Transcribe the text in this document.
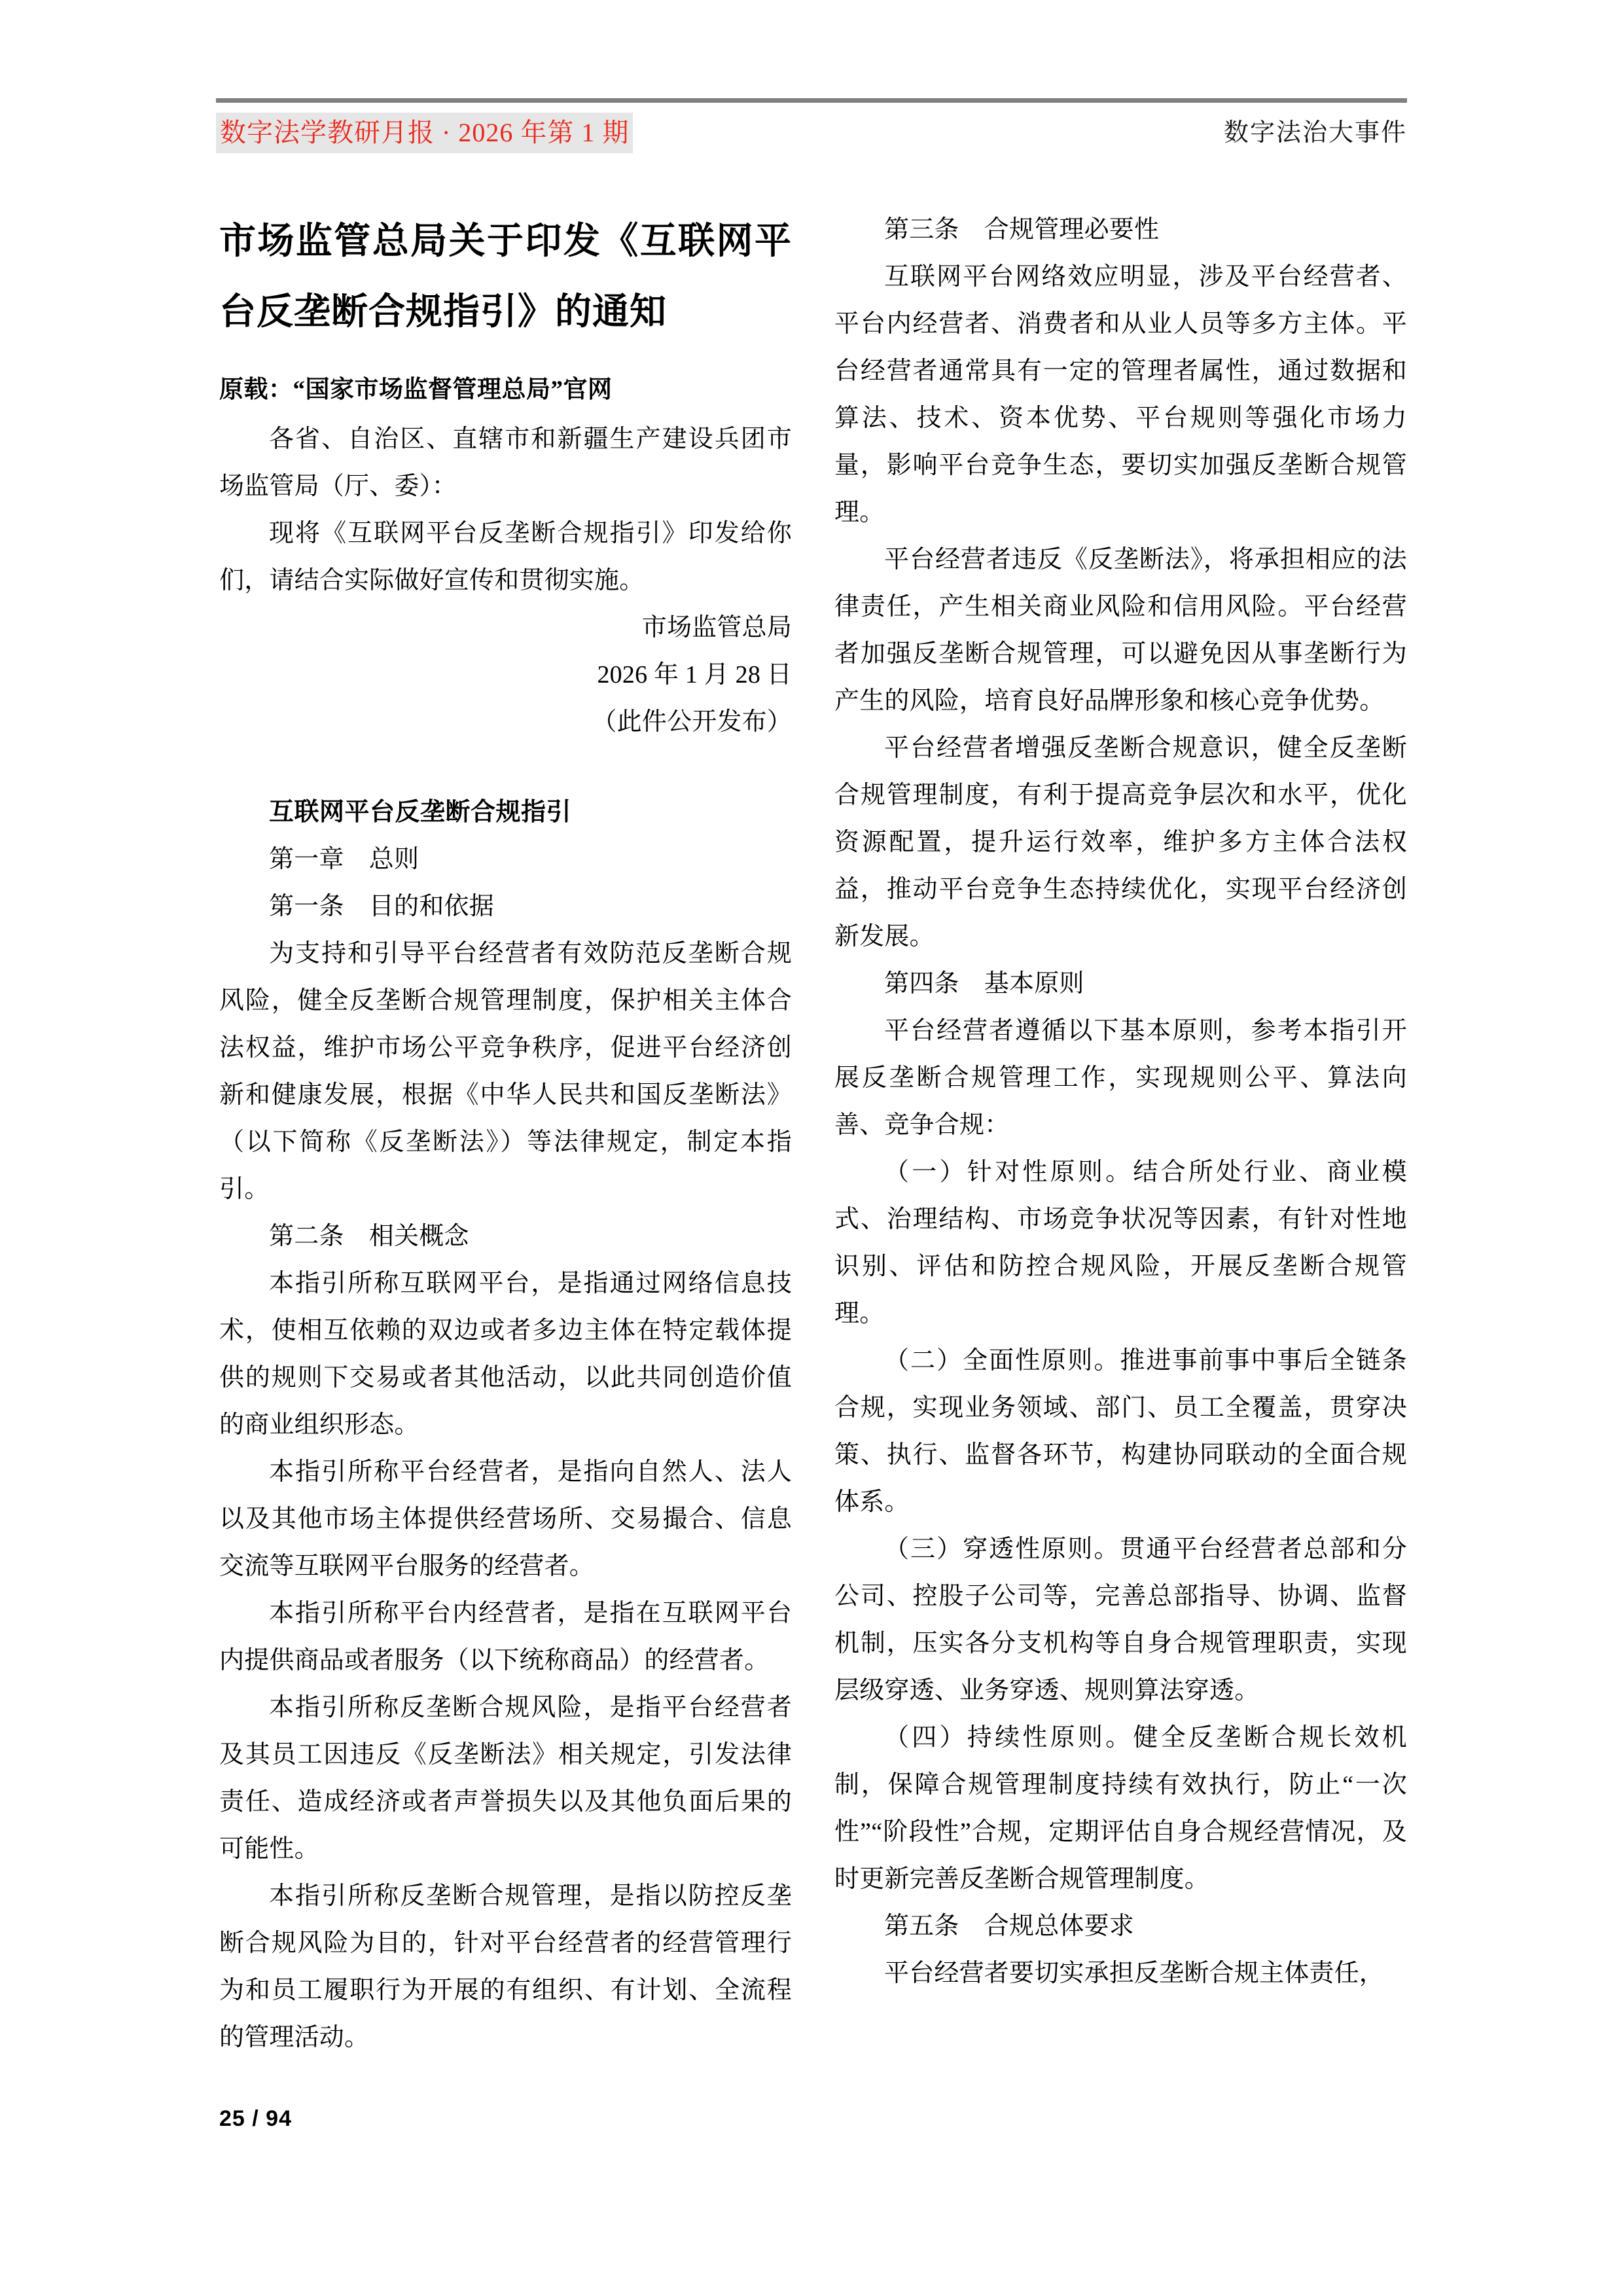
数字法学教研月报 · 2026 年第 1 期	数字法治大事件
市场监管总局关于印发《互联网平台反垄断合规指引》的通知

原载：“国家市场监督管理总局”官网

各省、自治区、直辖市和新疆生产建设兵团市场监管局（厅、委）：

现将《互联网平台反垄断合规指引》印发给你们，请结合实际做好宣传和贯彻实施。

市场监管总局

2026 年 1 月 28 日

（此件公开发布）

互联网平台反垄断合规指引

第一章　总则

第一条　目的和依据

为支持和引导平台经营者有效防范反垄断合规风险，健全反垄断合规管理制度，保护相关主体合法权益，维护市场公平竞争秩序，促进平台经济创新和健康发展，根据《中华人民共和国反垄断法》（以下简称《反垄断法》）等法律规定，制定本指引。

第二条　相关概念

本指引所称互联网平台，是指通过网络信息技术，使相互依赖的双边或者多边主体在特定载体提供的规则下交易或者其他活动，以此共同创造价值的商业组织形态。

本指引所称平台经营者，是指向自然人、法人以及其他市场主体提供经营场所、交易撮合、信息交流等互联网平台服务的经营者。

本指引所称平台内经营者，是指在互联网平台内提供商品或者服务（以下统称商品）的经营者。

本指引所称反垄断合规风险，是指平台经营者及其员工因违反《反垄断法》相关规定，引发法律责任、造成经济或者声誉损失以及其他负面后果的可能性。

本指引所称反垄断合规管理，是指以防控反垄断合规风险为目的，针对平台经营者的经营管理行为和员工履职行为开展的有组织、有计划、全流程的管理活动。

第三条　合规管理必要性

互联网平台网络效应明显，涉及平台经营者、平台内经营者、消费者和从业人员等多方主体。平台经营者通常具有一定的管理者属性，通过数据和算法、技术、资本优势、平台规则等强化市场力量，影响平台竞争生态，要切实加强反垄断合规管理。

平台经营者违反《反垄断法》，将承担相应的法律责任，产生相关商业风险和信用风险。平台经营者加强反垄断合规管理，可以避免因从事垄断行为产生的风险，培育良好品牌形象和核心竞争优势。

平台经营者增强反垄断合规意识，健全反垄断合规管理制度，有利于提高竞争层次和水平，优化资源配置，提升运行效率，维护多方主体合法权益，推动平台竞争生态持续优化，实现平台经济创新发展。

第四条　基本原则

平台经营者遵循以下基本原则，参考本指引开展反垄断合规管理工作，实现规则公平、算法向善、竞争合规：

（一）针对性原则。结合所处行业、商业模式、治理结构、市场竞争状况等因素，有针对性地识别、评估和防控合规风险，开展反垄断合规管理。

（二）全面性原则。推进事前事中事后全链条合规，实现业务领域、部门、员工全覆盖，贯穿决策、执行、监督各环节，构建协同联动的全面合规体系。

（三）穿透性原则。贯通平台经营者总部和分公司、控股子公司等，完善总部指导、协调、监督机制，压实各分支机构等自身合规管理职责，实现层级穿透、业务穿透、规则算法穿透。

（四）持续性原则。健全反垄断合规长效机制，保障合规管理制度持续有效执行，防止“一次性”“阶段性”合规，定期评估自身合规经营情况，及时更新完善反垄断合规管理制度。

第五条　合规总体要求

平台经营者要切实承担反垄断合规主体责任，

25 / 94
